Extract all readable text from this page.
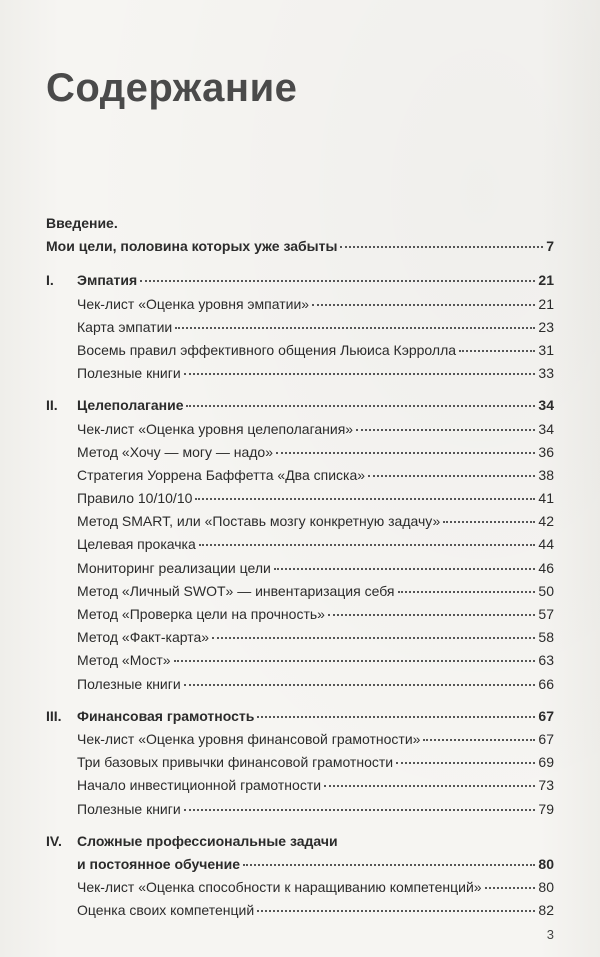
Содержание
Введение.
Мои цели, половина которых уже забыты	7
I.	Эмпатия	21
Чек-лист «Оценка уровня эмпатии»	21
Карта эмпатии	23
Восемь правил эффективного общения Льюиса Кэрролла	31
Полезные книги	33
II.	Целеполагание	34
Чек-лист «Оценка уровня целеполагания»	34
Метод «Хочу — могу — надо»	36
Стратегия Уоррена Баффетта «Два списка»	38
Правило 10/10/10	41
Метод SMART, или «Поставь мозгу конкретную задачу»	42
Целевая прокачка	44
Мониторинг реализации цели	46
Метод «Личный SWOT» — инвентаризация себя	50
Метод «Проверка цели на прочность»	57
Метод «Факт-карта»	58
Метод «Мост»	63
Полезные книги	66
III.	Финансовая грамотность	67
Чек-лист «Оценка уровня финансовой грамотности»	67
Три базовых привычки финансовой грамотности	69
Начало инвестиционной грамотности	73
Полезные книги	79
IV.	Сложные профессиональные задачи
и постоянное обучение	80
Чек-лист «Оценка способности к наращиванию компетенций»	80
Оценка своих компетенций	82
3
